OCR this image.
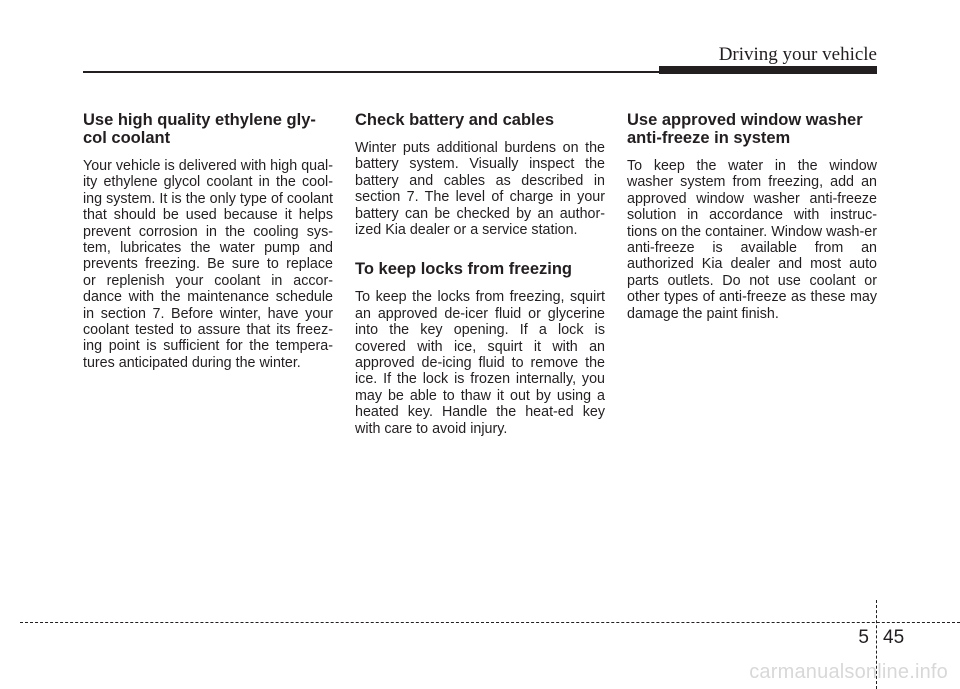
Driving your vehicle
Use high quality ethylene gly-
col coolant

Your vehicle is delivered with high qual-ity ethylene glycol coolant in the cool-ing system. It is the only type of coolant that should be used because it helps prevent corrosion in the cooling sys-tem, lubricates the water pump and prevents freezing. Be sure to replace or replenish your coolant in accor-dance with the maintenance schedule in section 7. Before winter, have your coolant tested to assure that its freez-ing point is sufficient for the tempera-tures anticipated during the winter.

Check battery and cables

Winter puts additional burdens on the battery system. Visually inspect the battery and cables as described in section 7. The level of charge in your battery can be checked by an author-ized Kia dealer or a service station.

To keep locks from freezing

To keep the locks from freezing, squirt an approved de-icer fluid or glycerine into the key opening. If a lock is covered with ice, squirt it with an approved de-icing fluid to remove the ice. If the lock is frozen internally, you may be able to thaw it out by using a heated key. Handle the heat-ed key with care to avoid injury.

Use approved window washer
anti-freeze in system

To keep the water in the window washer system from freezing, add an approved window washer anti-freeze solution in accordance with instruc-tions on the container. Window wash-er anti-freeze is available from an authorized Kia dealer and most auto parts outlets. Do not use coolant or other types of anti-freeze as these may damage the paint finish.

5 45
carmanualsonline.info
